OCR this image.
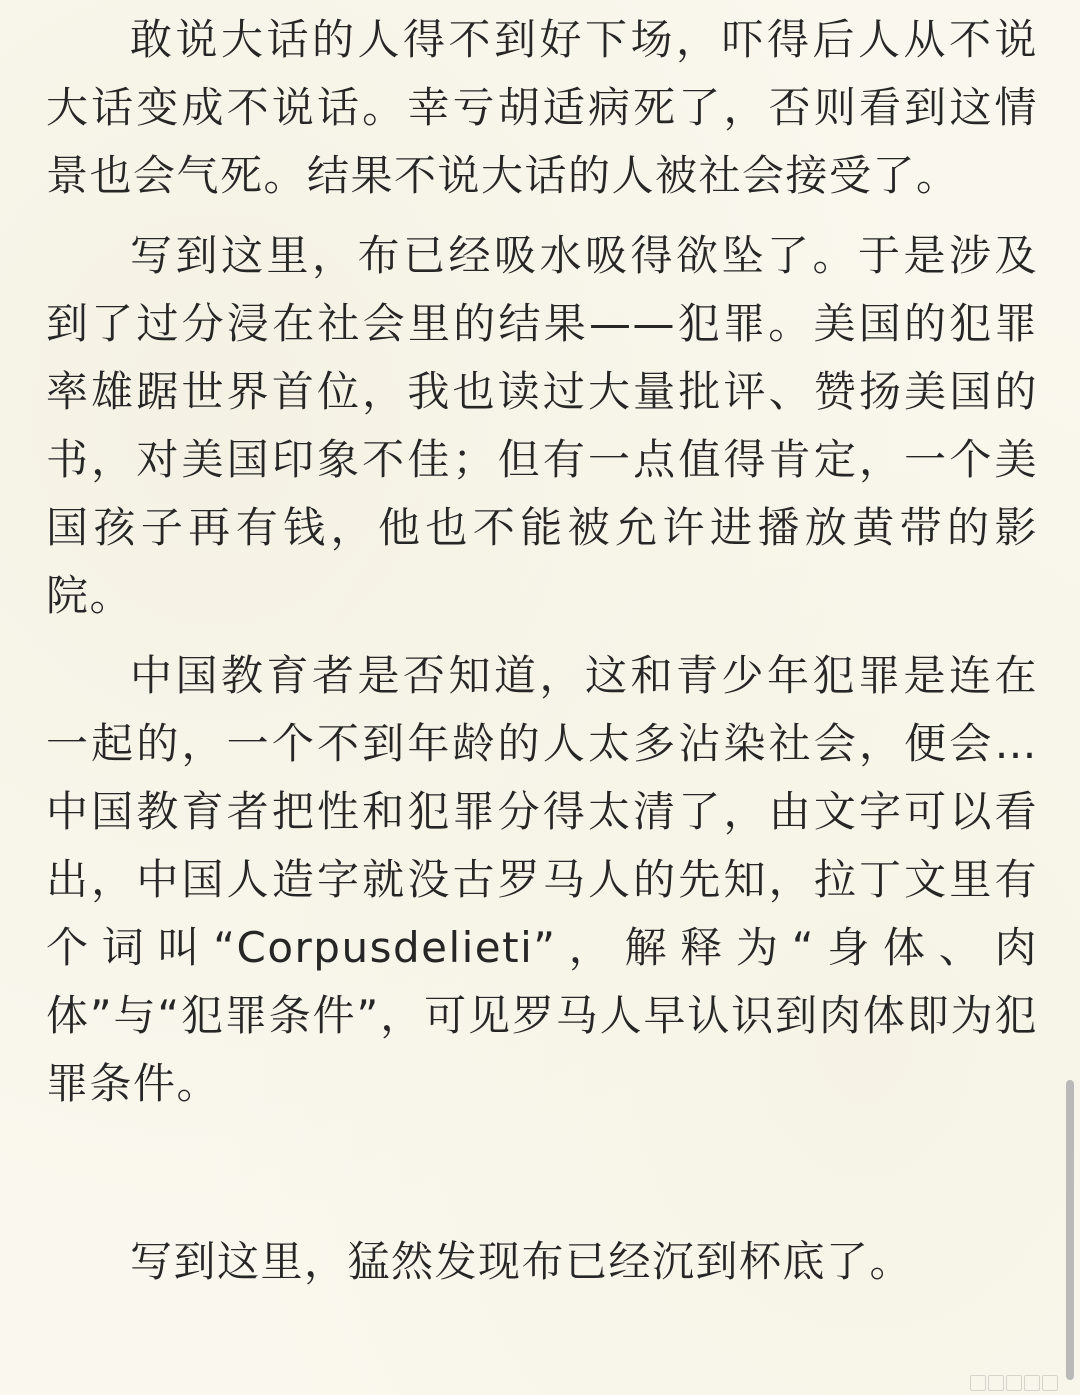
敢说大话的人得不到好下场，吓得后人从不说大话变成不说话。幸亏胡适病死了，否则看到这情景也会气死。结果不说大话的人被社会接受了。

写到这里，布已经吸水吸得欲坠了。于是涉及到了过分浸在社会里的结果——犯罪。美国的犯罪率雄踞世界首位，我也读过大量批评、赞扬美国的书，对美国印象不佳；但有一点值得肯定，一个美国孩子再有钱，他也不能被允许进播放黄带的影院。

中国教育者是否知道，这和青少年犯罪是连在一起的，一个不到年龄的人太多沾染社会，便会…中国教育者把性和犯罪分得太清了，由文字可以看出，中国人造字就没古罗马人的先知，拉丁文里有个词叫“Corpusdelieti”，解释为“身体、肉体”与“犯罪条件”，可见罗马人早认识到肉体即为犯罪条件。

写到这里，猛然发现布已经沉到杯底了。
